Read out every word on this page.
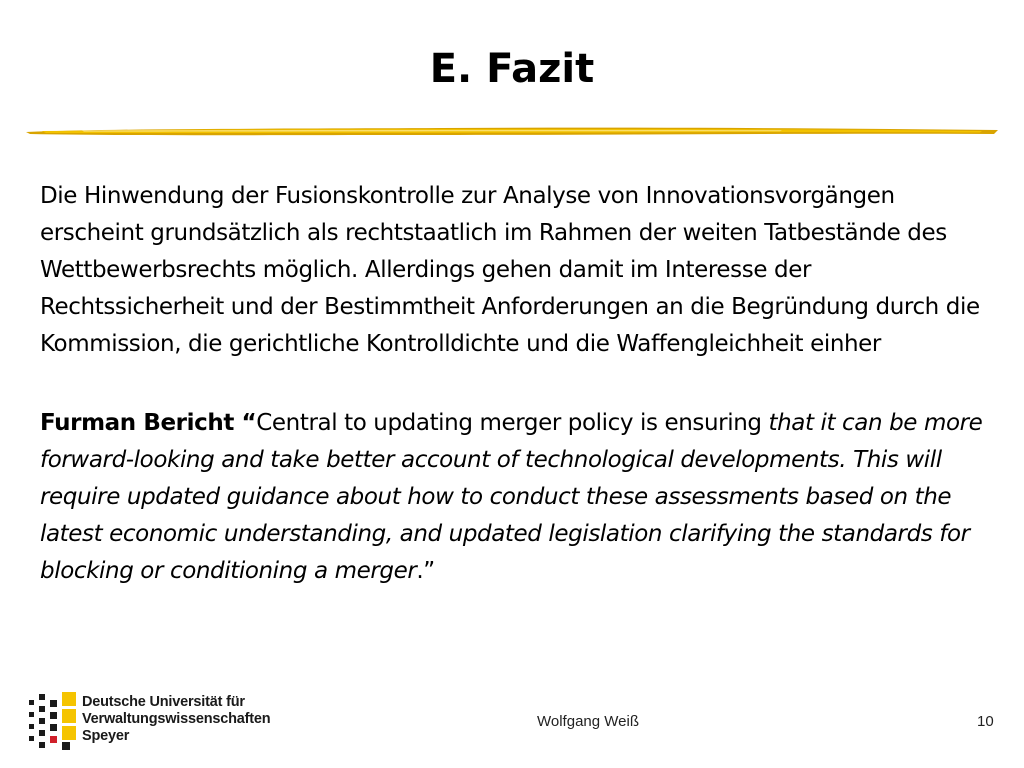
E. Fazit

Die Hinwendung der Fusionskontrolle zur Analyse von Innovationsvorgängen erscheint grundsätzlich als rechtstaatlich im Rahmen der weiten Tatbestände des Wettbewerbsrechts möglich. Allerdings gehen damit im Interesse der Rechtssicherheit und der Bestimmtheit Anforderungen an die Begründung durch die Kommission, die gerichtliche Kontrolldichte und die Waffengleichheit einher

Furman Bericht “Central to updating merger policy is ensuring that it can be more forward-looking and take better account of technological developments. This will require updated guidance about how to conduct these assessments based on the latest economic understanding, and updated legislation clarifying the standards for blocking or conditioning a merger.”

Deutsche Universität für
Verwaltungswissenschaften
Speyer
Wolfgang Weiß	10
